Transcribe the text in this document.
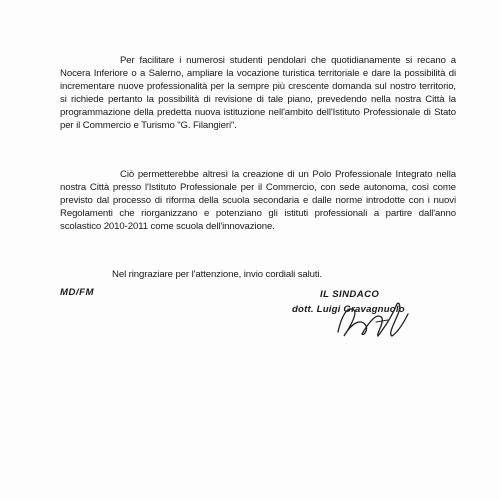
Per facilitare i numerosi studenti pendolari che quotidianamente si recano a Nocera Inferiore o a Salerno, ampliare la vocazione turistica territoriale e dare la possibilità di incrementare nuove professionalità per la sempre più crescente domanda sul nostro territorio, si richiede pertanto la possibilità di revisione di tale piano, prevedendo nella nostra Città la programmazione della predetta nuova istituzione nell'ambito dell'Istituto Professionale di Stato per il Commercio e Turismo "G. Filangieri".

Ciò permetterebbe altresì la creazione di un Polo Professionale Integrato nella nostra Città presso l'Istituto Professionale per il Commercio, con sede autonoma, così come previsto dal processo di riforma della scuola secondaria e dalle norme introdotte con i nuovi Regolamenti che riorganizzano e potenziano gli istituti professionali a partire dall'anno scolastico 2010-2011 come scuola dell'innovazione.

Nel ringraziare per l'attenzione, invio cordiali saluti.

MD/FM	IL SINDACO
dott. Luigi Gravagnuolo
